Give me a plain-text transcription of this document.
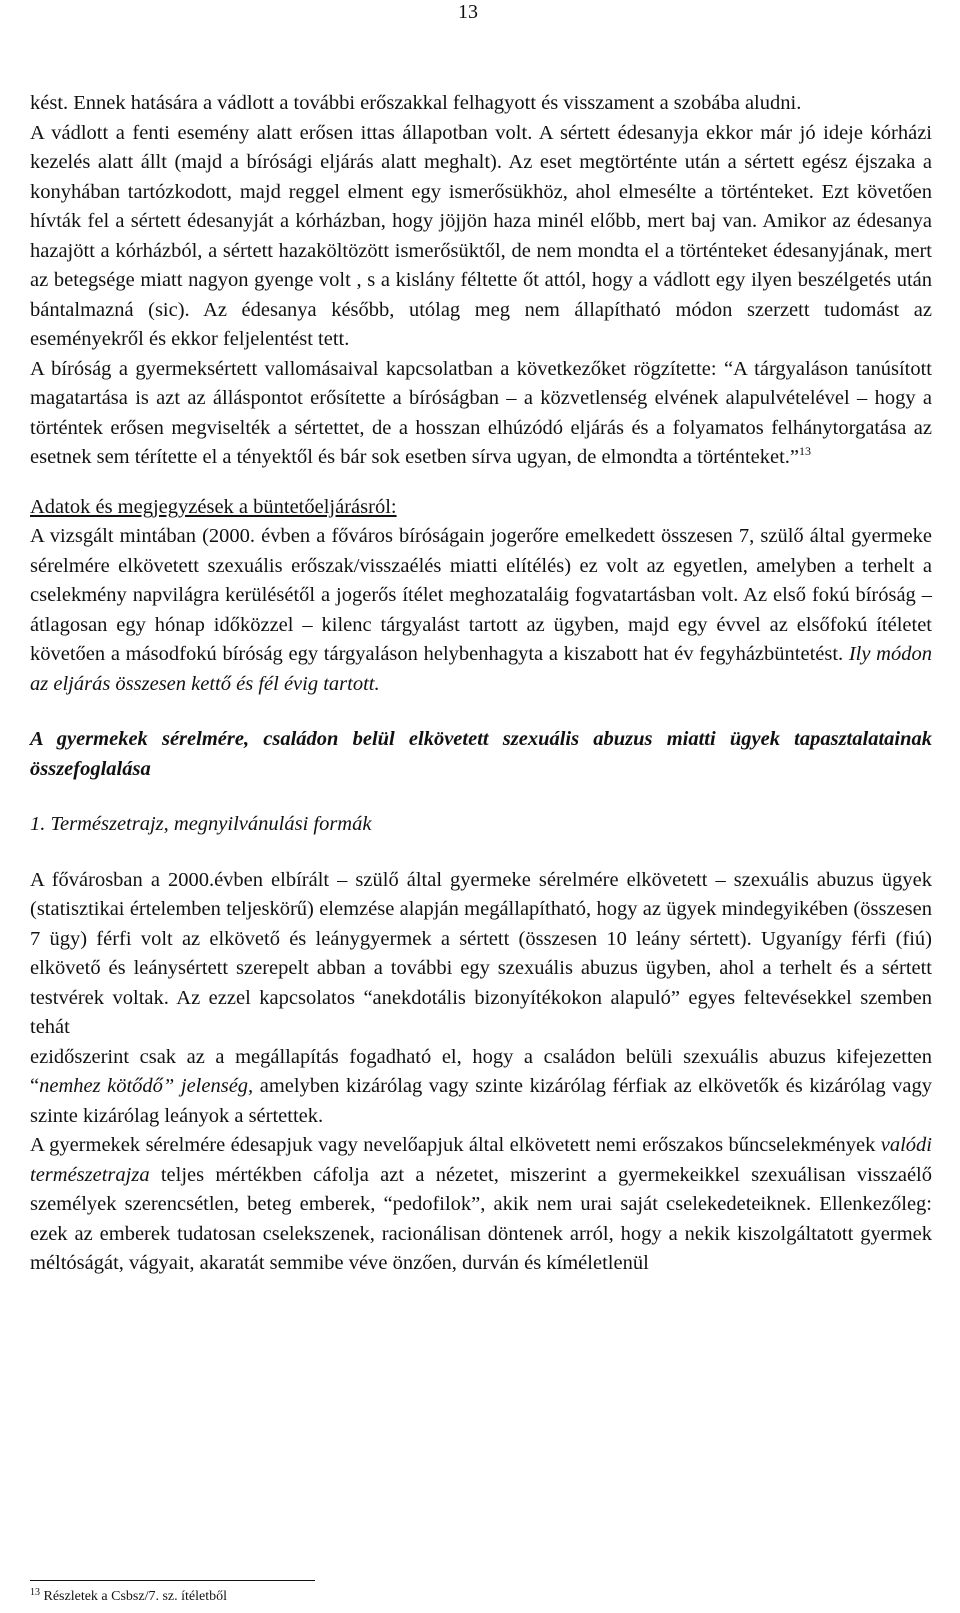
13

kést. Ennek hatására a vádlott a további erőszakkal felhagyott és visszament a szobába aludni.

A vádlott a fenti esemény alatt erősen ittas állapotban volt. A sértett édesanyja ekkor már jó ideje kórházi kezelés alatt állt (majd a bírósági eljárás alatt meghalt). Az eset megtörténte után a sértett egész éjszaka a konyhában tartózkodott, majd reggel elment egy ismerősükhöz, ahol elmesélte a történteket. Ezt követően hívták fel a sértett édesanyját a kórházban, hogy jöjjön haza minél előbb, mert baj van. Amikor az édesanya hazajött a kórházból, a sértett hazaköltözött ismerősüktől, de nem mondta el a történteket édesanyjának, mert az betegsége miatt nagyon gyenge volt , s a kislány féltette őt attól, hogy a vádlott egy ilyen beszélgetés után bántalmazná (sic). Az édesanya később, utólag meg nem állapítható módon szerzett tudomást az eseményekről és ekkor feljelentést tett.

A bíróság a gyermeksértett vallomásaival kapcsolatban a következőket rögzítette: “A tárgyaláson tanúsított magatartása is azt az álláspontot erősítette a bíróságban – a közvetlenség elvének alapulvételével – hogy a történtek erősen megviselték a sértettet, de a hosszan elhúzódó eljárás és a folyamatos felhánytorgatása az esetnek sem térítette el a tényektől és bár sok esetben sírva ugyan, de elmondta a történteket.”$^{13}$

Adatok és megjegyzések a büntetőeljárásról:

A vizsgált mintában (2000. évben a főváros bíróságain jogerőre emelkedett összesen 7, szülő által gyermeke sérelmére elkövetett szexuális erőszak/visszaélés miatti elítélés) ez volt az egyetlen, amelyben a terhelt a cselekmény napvilágra kerülésétől a jogerős ítélet meghozataláig fogvatartásban volt. Az első fokú bíróság – átlagosan egy hónap időközzel – kilenc tárgyalást tartott az ügyben, majd egy évvel az elsőfokú ítéletet követően a másodfokú bíróság egy tárgyaláson helybenhagyta a kiszabott hat év fegyházbüntetést. Ily módon az eljárás összesen kettő és fél évig tartott.

A gyermekek sérelmére, családon belül elkövetett szexuális abuzus miatti ügyek tapasztalatainak összefoglalása

1. Természetrajz, megnyilvánulási formák

A fővárosban a 2000.évben elbírált – szülő által gyermeke sérelmére elkövetett – szexuális abuzus ügyek (statisztikai értelemben teljeskörű) elemzése alapján megállapítható, hogy az ügyek mindegyikében (összesen 7 ügy) férfi volt az elkövető és leánygyermek a sértett (összesen 10 leány sértett). Ugyanígy férfi (fiú) elkövető és leánysértett szerepelt abban a további egy szexuális abuzus ügyben, ahol a terhelt és a sértett testvérek voltak. Az ezzel kapcsolatos “anekdotális bizonyítékokon alapuló” egyes feltevésekkel szemben tehát

ezidőszerint csak az a megállapítás fogadható el, hogy a családon belüli szexuális abuzus kifejezetten “nemhez kötődő” jelenség, amelyben kizárólag vagy szinte kizárólag férfiak az elkövetők és kizárólag vagy szinte kizárólag leányok a sértettek.

A gyermekek sérelmére édesapjuk vagy nevelőapjuk által elkövetett nemi erőszakos bűncselekmények valódi természetrajza teljes mértékben cáfolja azt a nézetet, miszerint a gyermekeikkel szexuálisan visszaélő személyek szerencsétlen, beteg emberek, “pedofilok”, akik nem urai saját cselekedeteiknek. Ellenkezőleg: ezek az emberek tudatosan cselekszenek, racionálisan döntenek arról, hogy a nekik kiszolgáltatott gyermek méltóságát, vágyait, akaratát semmibe véve önzően, durván és kíméletlenül

$^{13}$ Részletek a Csbsz/7. sz. ítéletből
